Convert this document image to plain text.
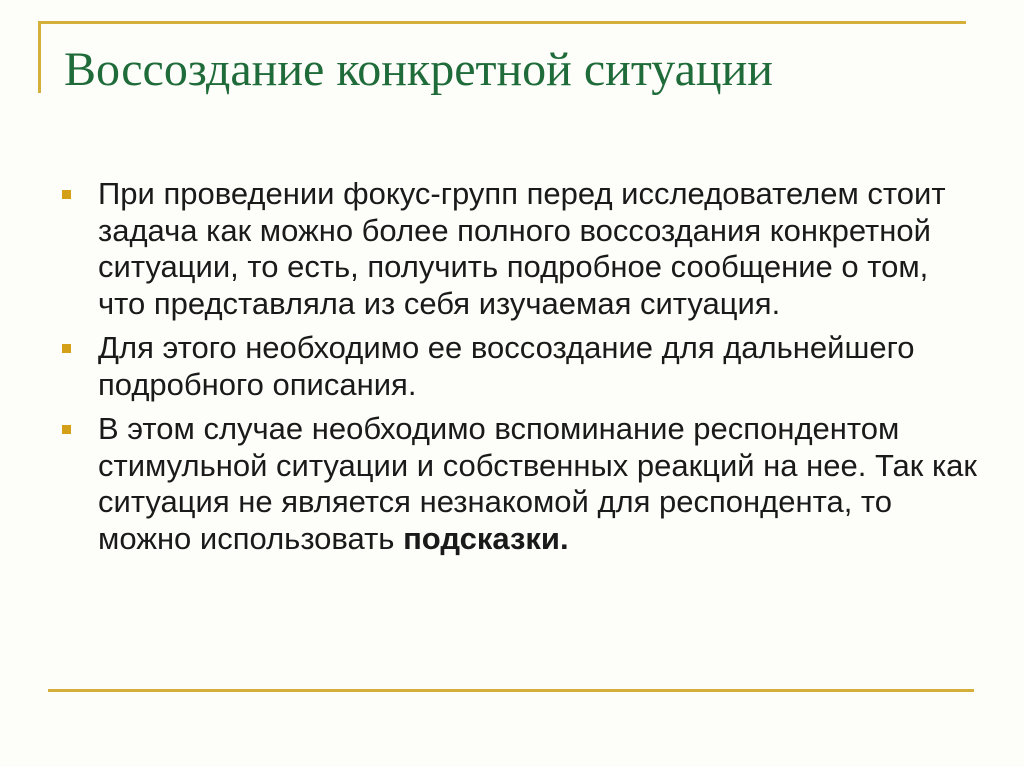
Воссоздание конкретной ситуации
При проведении фокус-групп перед исследователем стоит задача как можно более полного воссоздания конкретной ситуации, то есть, получить подробное сообщение о том, что представляла из себя изучаемая ситуация.
Для этого необходимо ее воссоздание для дальнейшего подробного описания.
В этом случае необходимо вспоминание респондентом стимульной ситуации и собственных реакций на нее. Так как ситуация не является незнакомой для респондента, то можно использовать подсказки.
